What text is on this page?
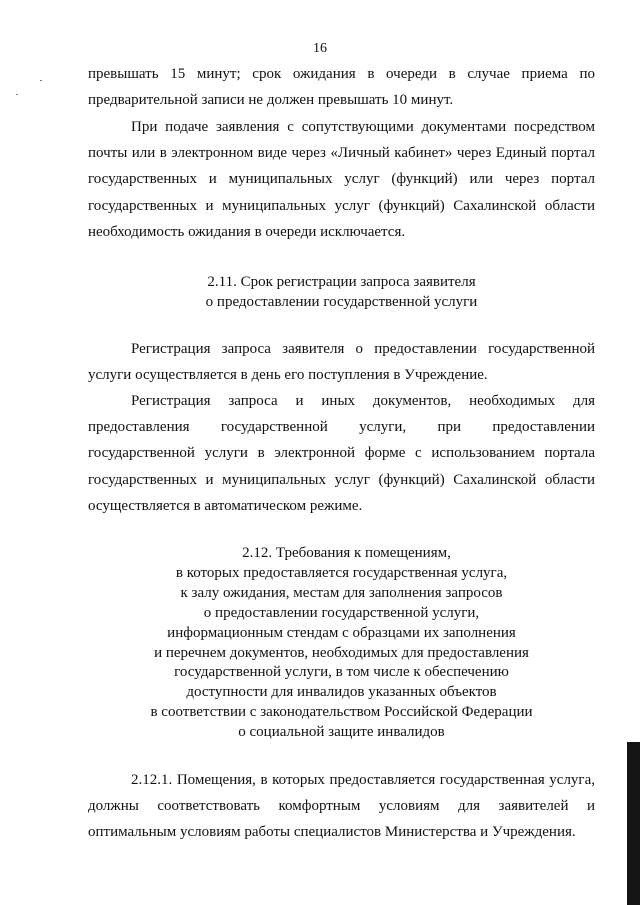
16

превышать 15 минут; срок ожидания в очереди в случае приема по предварительной записи не должен превышать 10 минут.

При подаче заявления с сопутствующими документами посредством почты или в электронном виде через «Личный кабинет» через Единый портал государственных и муниципальных услуг (функций) или через портал государственных и муниципальных услуг (функций) Сахалинской области необходимость ожидания в очереди исключается.

2.11. Срок регистрации запроса заявителя
о предоставлении государственной услуги

Регистрация запроса заявителя о предоставлении государственной услуги осуществляется в день его поступления в Учреждение.

Регистрация запроса и иных документов, необходимых для предоставления государственной услуги, при предоставлении государственной услуги в электронной форме с использованием портала государственных и муниципальных услуг (функций) Сахалинской области осуществляется в автоматическом режиме.

2.12. Требования к помещениям,
в которых предоставляется государственная услуга,
к залу ожидания, местам для заполнения запросов
о предоставлении государственной услуги,
информационным стендам с образцами их заполнения
и перечнем документов, необходимых для предоставления
государственной услуги, в том числе к обеспечению
доступности для инвалидов указанных объектов
в соответствии с законодательством Российской Федерации
о социальной защите инвалидов

2.12.1. Помещения, в которых предоставляется государственная услуга, должны соответствовать комфортным условиям для заявителей и оптимальным условиям работы специалистов Министерства и Учреждения.
